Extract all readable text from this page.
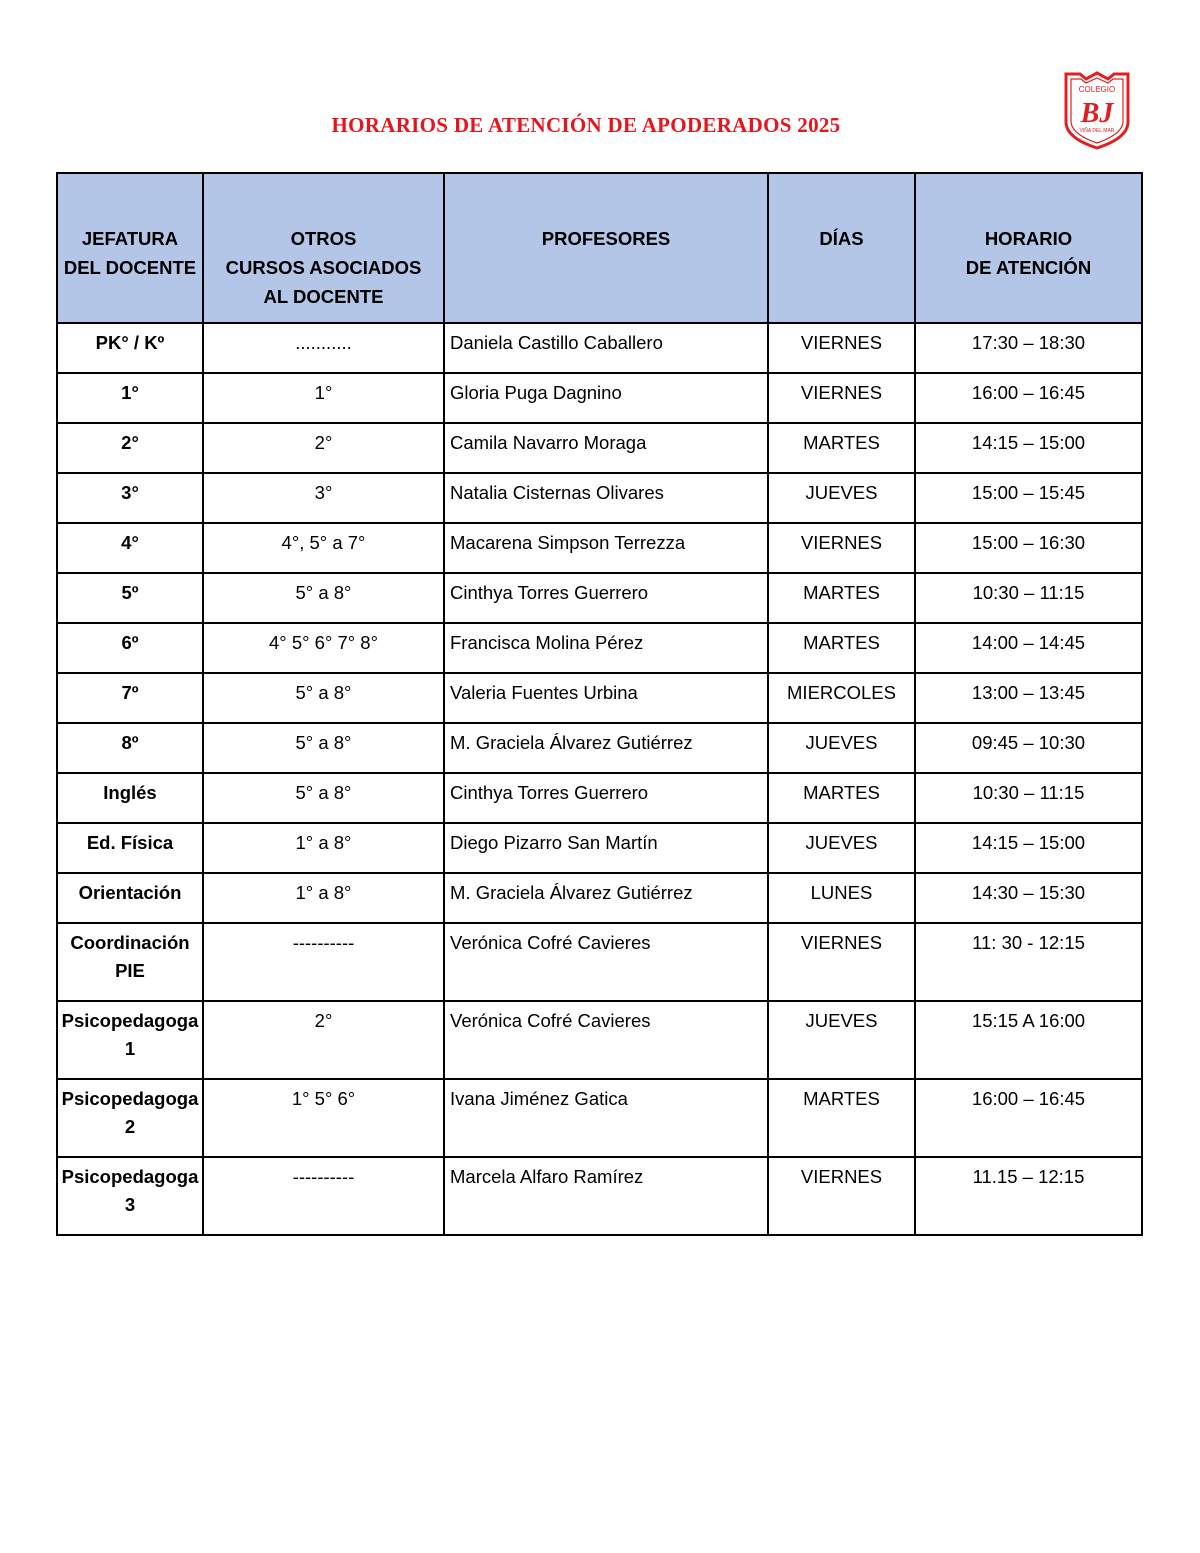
HORARIOS DE ATENCIÓN DE APODERADOS 2025
COLEGIO
BJ
VIÑA DEL MAR
JEFATURA
DEL DOCENTE	OTROS
CURSOS ASOCIADOS
AL DOCENTE	PROFESORES	DÍAS	HORARIO
DE ATENCIÓN

PK° / Kº	...........	Daniela Castillo Caballero	VIERNES	17:30 – 18:30

1°	1°	Gloria Puga Dagnino	VIERNES	16:00 – 16:45

2°	2°	Camila Navarro Moraga	MARTES	14:15 – 15:00

3°	3°	Natalia Cisternas Olivares	JUEVES	15:00 – 15:45

4°	4°, 5° a 7°	Macarena Simpson Terrezza	VIERNES	15:00 – 16:30

5º	5° a 8°	Cinthya Torres Guerrero	MARTES	10:30 – 11:15

6º	4° 5° 6° 7° 8°	Francisca Molina Pérez	MARTES	14:00 – 14:45

7º	5° a 8°	Valeria Fuentes Urbina	MIERCOLES	13:00 – 13:45

8º	5° a 8°	M. Graciela Álvarez Gutiérrez	JUEVES	09:45 – 10:30

Inglés	5° a 8°	Cinthya Torres Guerrero	MARTES	10:30 – 11:15

Ed. Física	1° a 8°	Diego Pizarro San Martín	JUEVES	14:15 – 15:00

Orientación	1° a 8°	M. Graciela Álvarez Gutiérrez	LUNES	14:30 – 15:30

Coordinación
PIE	----------	Verónica Cofré Cavieres	VIERNES	11: 30 - 12:15

Psicopedagoga
1	2°	Verónica Cofré Cavieres	JUEVES	15:15 A 16:00

Psicopedagoga
2	1° 5° 6°	Ivana Jiménez Gatica	MARTES	16:00 – 16:45

Psicopedagoga
3	----------	Marcela Alfaro Ramírez	VIERNES	11.15 – 12:15
